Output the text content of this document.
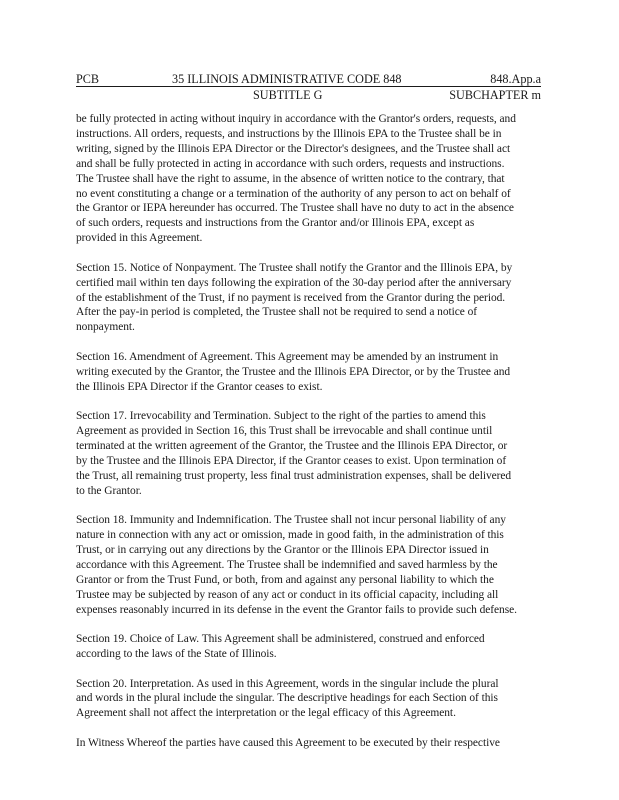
PCB	35 ILLINOIS ADMINISTRATIVE CODE 848	848.App.a
SUBTITLE G	SUBCHAPTER m

be fully protected in acting without inquiry in accordance with the Grantor's orders, requests, and
instructions. All orders, requests, and instructions by the Illinois EPA to the Trustee shall be in
writing, signed by the Illinois EPA Director or the Director's designees, and the Trustee shall act
and shall be fully protected in acting in accordance with such orders, requests and instructions.
The Trustee shall have the right to assume, in the absence of written notice to the contrary, that
no event constituting a change or a termination of the authority of any person to act on behalf of
the Grantor or IEPA hereunder has occurred. The Trustee shall have no duty to act in the absence
of such orders, requests and instructions from the Grantor and/or Illinois EPA, except as
provided in this Agreement.

Section 15. Notice of Nonpayment. The Trustee shall notify the Grantor and the Illinois EPA, by
certified mail within ten days following the expiration of the 30-day period after the anniversary
of the establishment of the Trust, if no payment is received from the Grantor during the period.
After the pay-in period is completed, the Trustee shall not be required to send a notice of
nonpayment.

Section 16. Amendment of Agreement. This Agreement may be amended by an instrument in
writing executed by the Grantor, the Trustee and the Illinois EPA Director, or by the Trustee and
the Illinois EPA Director if the Grantor ceases to exist.

Section 17. Irrevocability and Termination. Subject to the right of the parties to amend this
Agreement as provided in Section 16, this Trust shall be irrevocable and shall continue until
terminated at the written agreement of the Grantor, the Trustee and the Illinois EPA Director, or
by the Trustee and the Illinois EPA Director, if the Grantor ceases to exist. Upon termination of
the Trust, all remaining trust property, less final trust administration expenses, shall be delivered
to the Grantor.

Section 18. Immunity and Indemnification. The Trustee shall not incur personal liability of any
nature in connection with any act or omission, made in good faith, in the administration of this
Trust, or in carrying out any directions by the Grantor or the Illinois EPA Director issued in
accordance with this Agreement. The Trustee shall be indemnified and saved harmless by the
Grantor or from the Trust Fund, or both, from and against any personal liability to which the
Trustee may be subjected by reason of any act or conduct in its official capacity, including all
expenses reasonably incurred in its defense in the event the Grantor fails to provide such defense.

Section 19. Choice of Law. This Agreement shall be administered, construed and enforced
according to the laws of the State of Illinois.

Section 20. Interpretation. As used in this Agreement, words in the singular include the plural
and words in the plural include the singular. The descriptive headings for each Section of this
Agreement shall not affect the interpretation or the legal efficacy of this Agreement.

In Witness Whereof the parties have caused this Agreement to be executed by their respective
